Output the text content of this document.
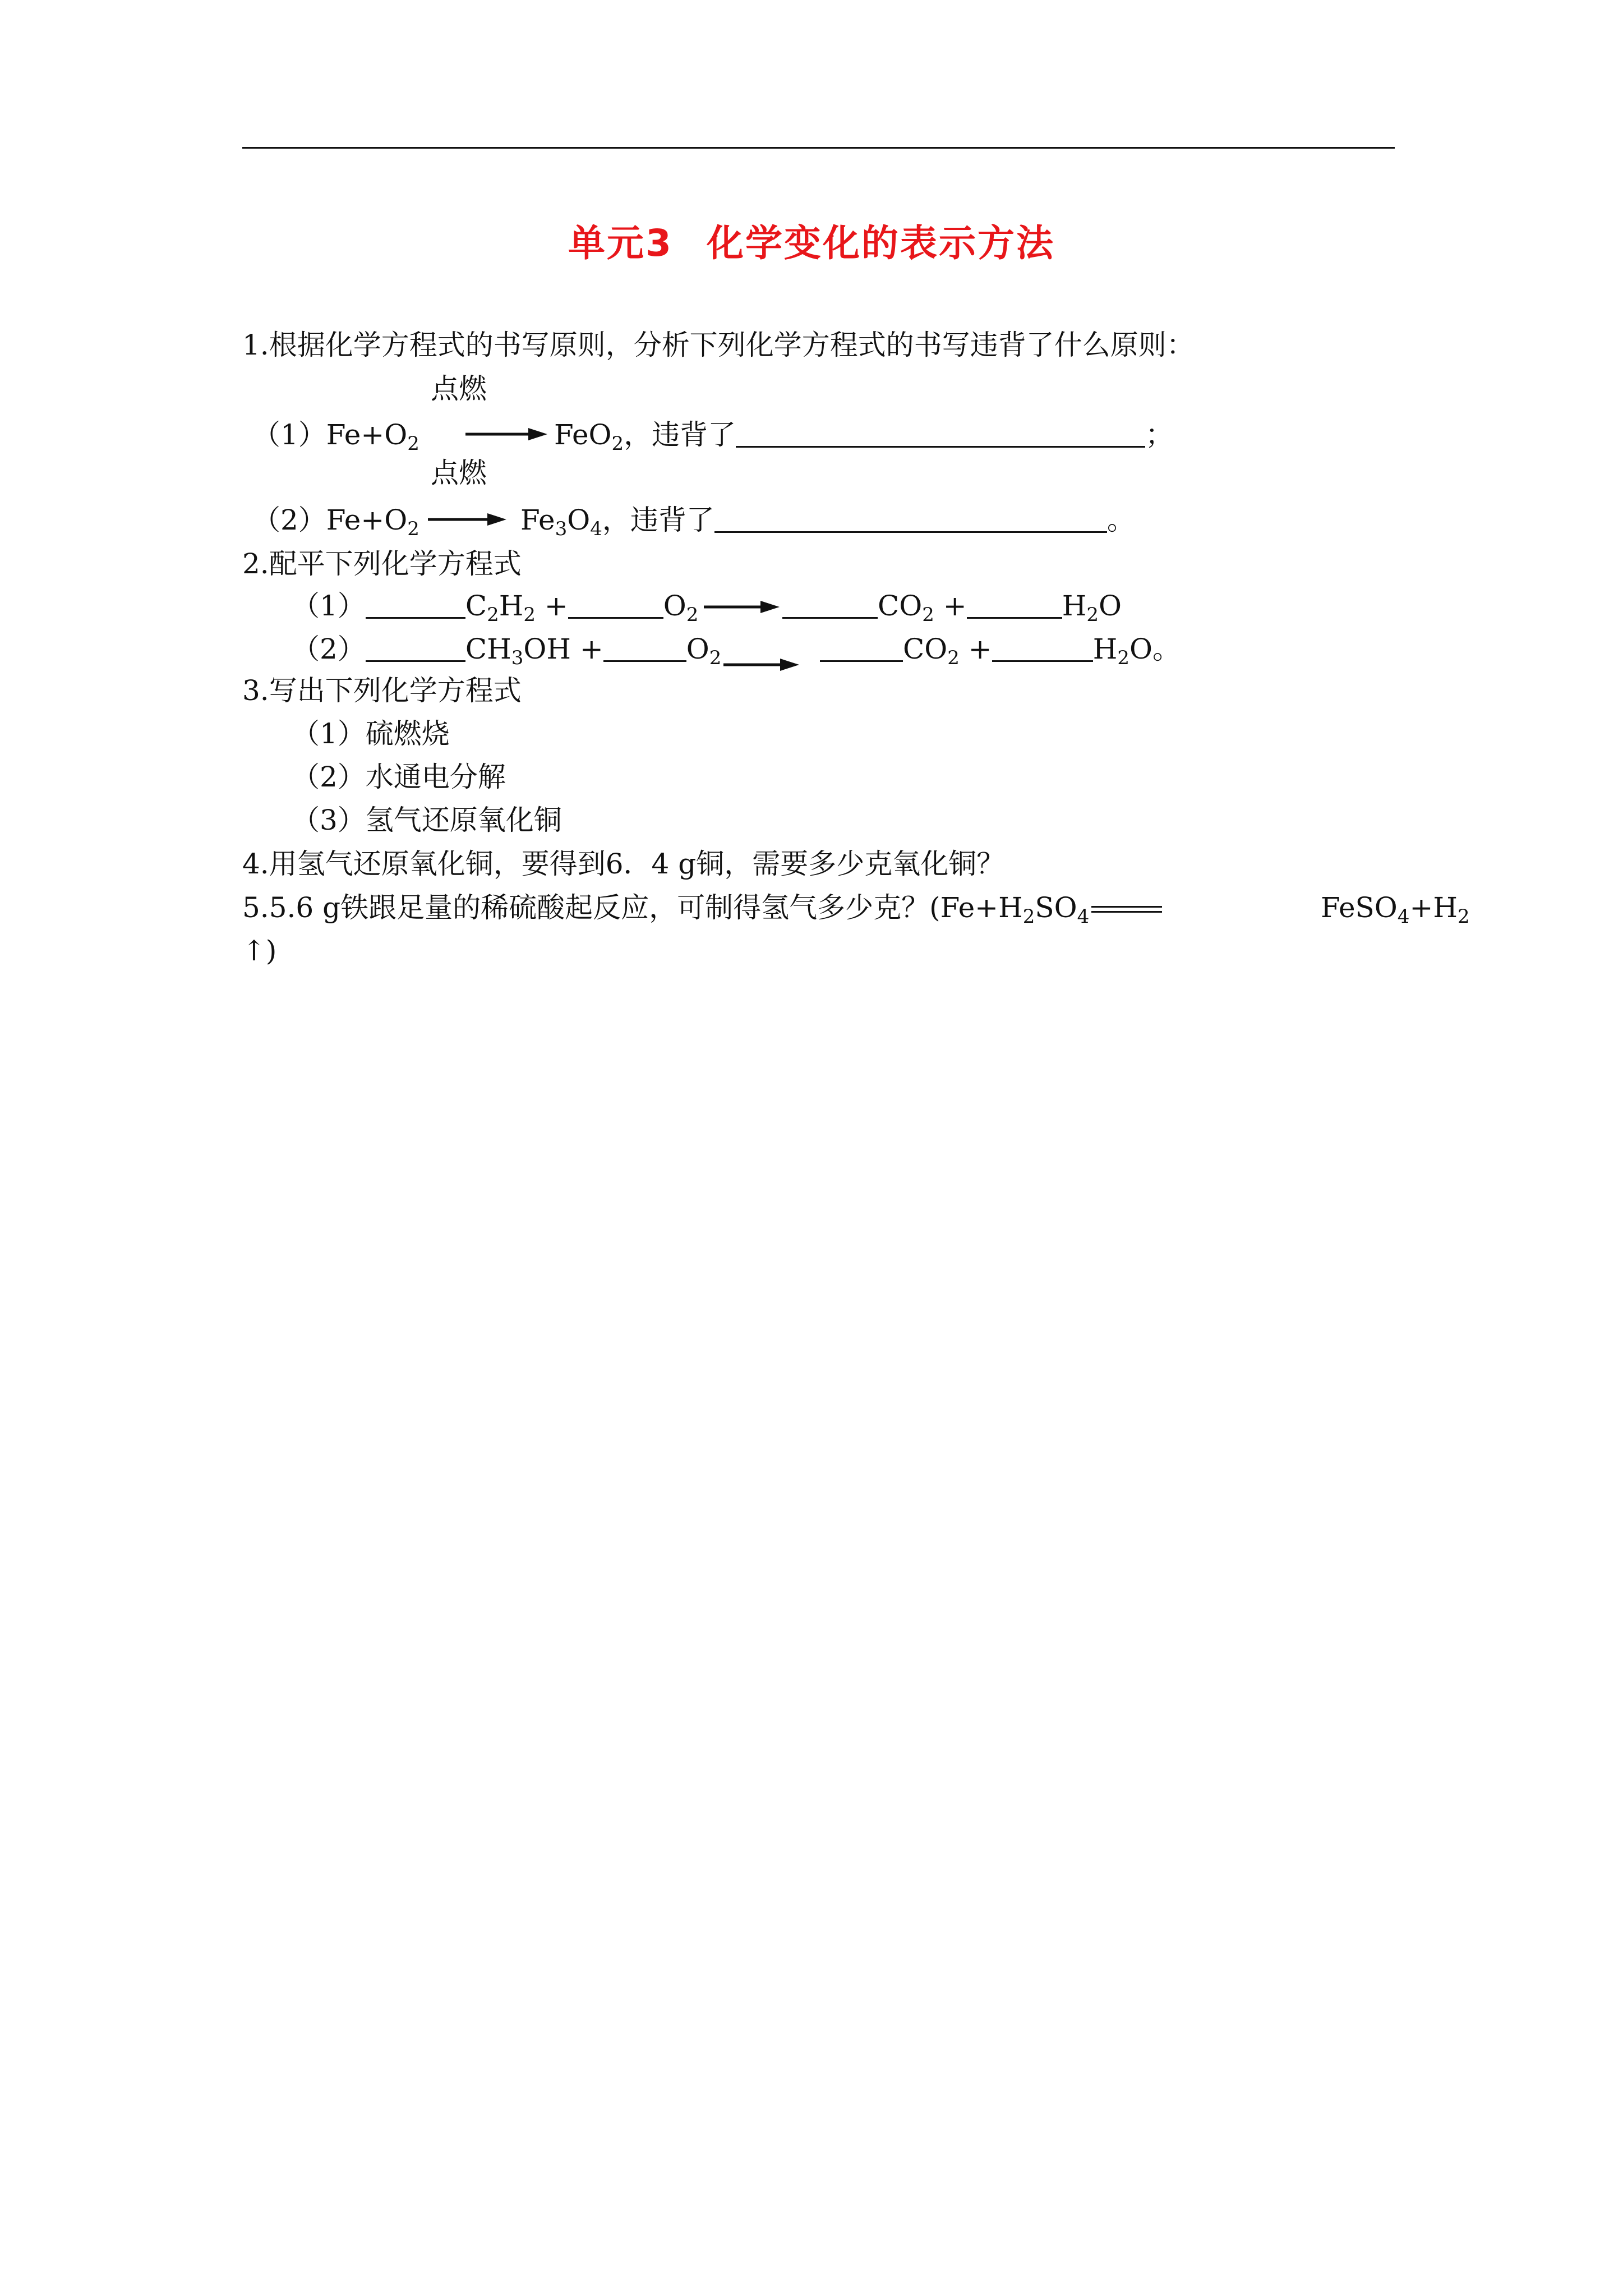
单元3 化学变化的表示方法
1.根据化学方程式的书写原则，分析下列化学方程式的书写违背了什么原则：
点燃
$(1)Fe+O_2$	FeO$_2$，违背了	；
点燃
$(2)Fe+O_2$	$Fe_3O_4$，违背了	。
2.配平下列化学方程式
（1）	$C_2H_2$ +	$O_2$	$CO_2$ +	$H_2O$
（2）	$CH_3OH$ +	$O_2$	$CO_2$ +	$H_2O$。
3.写出下列化学方程式
（1）硫燃烧
（2）水通电分解
（3）氢气还原氧化铜
4.用氢气还原氧化铜，要得到6．4 g铜，需要多少克氧化铜？
5.5.6 g铁跟足量的稀硫酸起反应，可制得氢气多少克？($Fe+H_2SO_4$	$FeSO_4+H_2$
↑)
